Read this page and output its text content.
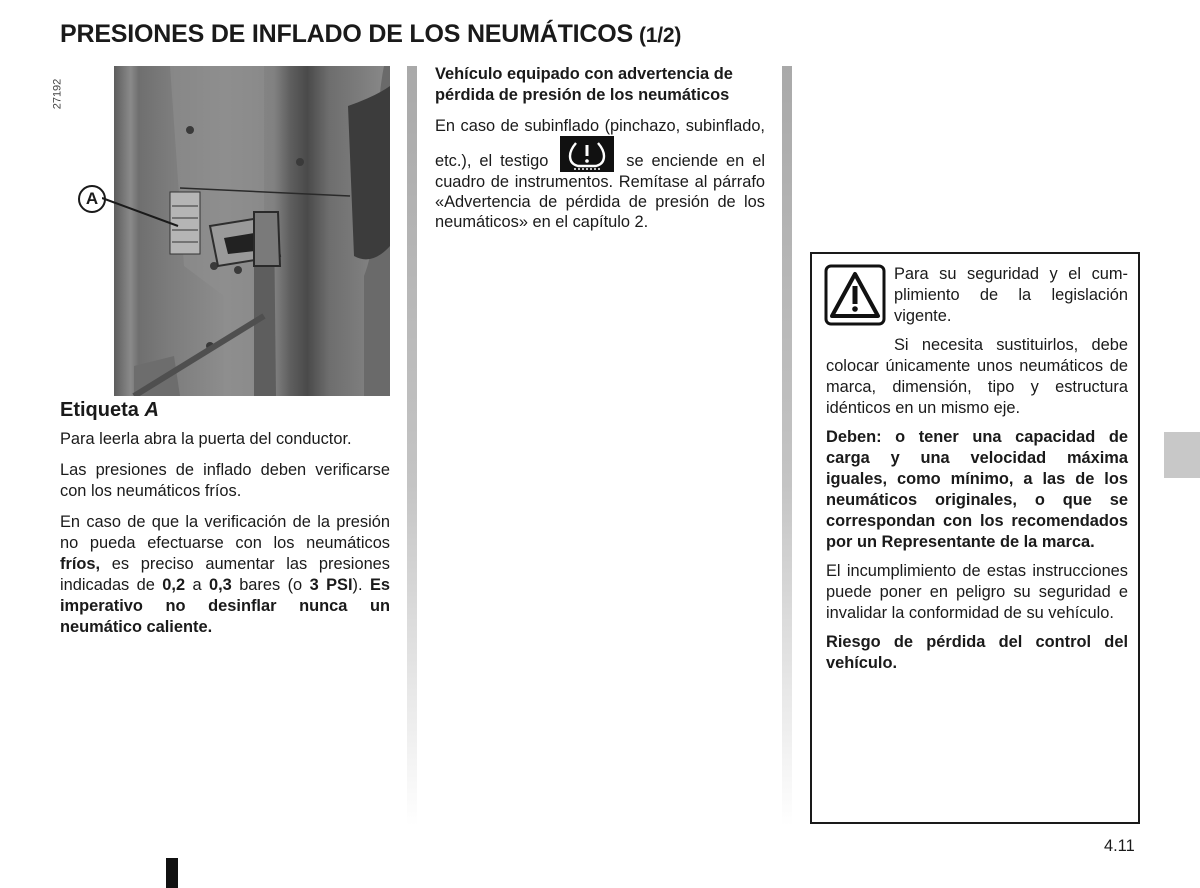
PRESIONES DE INFLADO DE LOS NEUMÁTICOS (1/2)
27192
A
Etiqueta A

Para leerla abra la puerta del conductor.

Las presiones de inflado deben verificarse con los neumáticos fríos.

En caso de que la verificación de la presión no pueda efectuarse con los neumáticos fríos, es preciso aumentar las presiones indicadas de 0,2 a 0,3 bares (o 3 PSI). Es imperativo no desinflar nunca un neumático caliente.

Vehículo equipado con advertencia de pérdida de presión de los neumáticos

En caso de subinflado (pinchazo, subinflado, etc.), el testigo	se enciende en el cuadro de instrumentos. Remítase al párrafo «Advertencia de pérdida de presión de los neumáticos» en el capítulo 2.

Para su seguridad y el cumplimiento de la legislación vigente.

Si necesita sustituirlos, debe colocar únicamente unos neumáticos de marca, dimensión, tipo y estructura idénticos en un mismo eje.

Deben: o tener una capacidad de carga y una velocidad máxima iguales, como mínimo, a las de los neumáticos originales, o que se correspondan con los recomendados por un Representante de la marca.

El incumplimiento de estas instrucciones puede poner en peligro su seguridad e invalidar la conformidad de su vehículo.

Riesgo de pérdida del control del vehículo.

4.11
